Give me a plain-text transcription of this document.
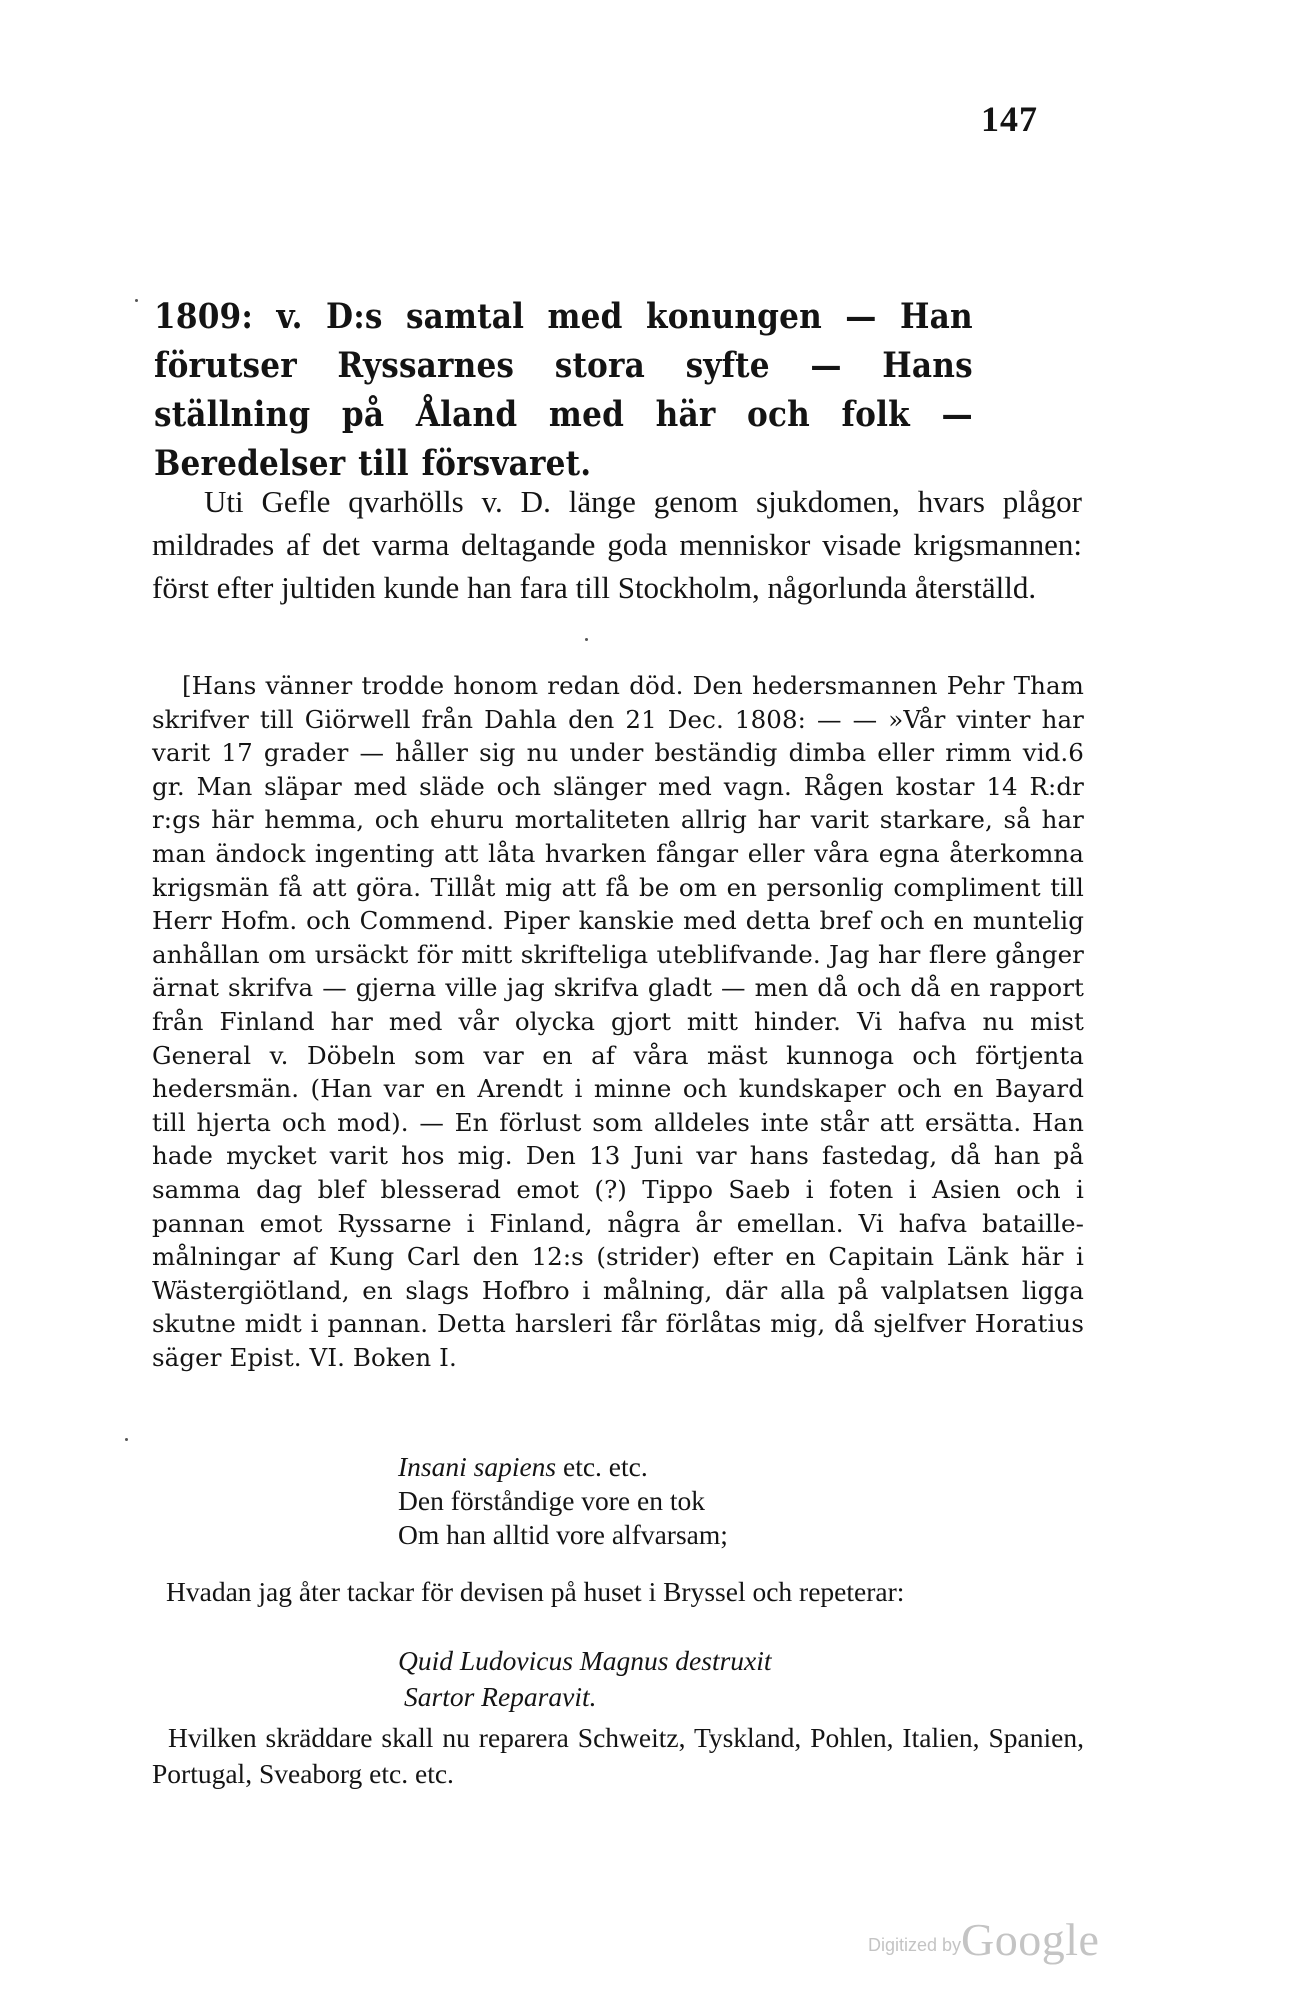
147
1809: v. D:s samtal med konungen — Han förutser Ryssarnes stora syfte — Hans ställning på Åland med här och folk — Beredelser till försvaret.

Uti Gefle qvarhölls v. D. länge genom sjukdomen, hvars plågor mildrades af det varma deltagande goda menniskor visade krigsmannen: först efter jultiden kunde han fara till Stockholm, någorlunda återställd.

[Hans vänner trodde honom redan död. Den hedersmannen Pehr Tham skrifver till Giörwell från Dahla den 21 Dec. 1808: — — »Vår vinter har varit 17 grader — håller sig nu under beständig dimba eller rimm vid.6 gr. Man släpar med släde och slänger med vagn. Rågen kostar 14 R:dr r:gs här hemma, och ehuru mortaliteten allrig har varit starkare, så har man ändock ingenting att låta hvarken fångar eller våra egna återkomna krigsmän få att göra. Tillåt mig att få be om en personlig compliment till Herr Hofm. och Commend. Piper kanskie med detta bref och en muntelig anhållan om ursäckt för mitt skrifteliga uteblifvande. Jag har flere gånger ärnat skrifva — gjerna ville jag skrifva gladt — men då och då en rapport från Finland har med vår olycka gjort mitt hinder. Vi hafva nu mist General v. Döbeln som var en af våra mäst kunnoga och förtjenta hedersmän. (Han var en Arendt i minne och kundskaper och en Bayard till hjerta och mod). — En förlust som alldeles inte står att ersätta. Han hade mycket varit hos mig. Den 13 Juni var hans fastedag, då han på samma dag blef blesserad emot (?) Tippo Saeb i foten i Asien och i pannan emot Ryssarne i Finland, några år emellan. Vi hafva bataille-målningar af Kung Carl den 12:s (strider) efter en Capitain Länk här i Wästergiötland, en slags Hofbro i målning, där alla på valplatsen ligga skutne midt i pannan. Detta harsleri får förlåtas mig, då sjelfver Horatius säger Epist. VI. Boken I.

Insani sapiens etc. etc.
Den förståndige vore en tok
Om han alltid vore alfvarsam;

Hvadan jag åter tackar för devisen på huset i Bryssel och repeterar:

Quid Ludovicus Magnus destruxit
Sartor Reparavit.

Hvilken skräddare skall nu reparera Schweitz, Tyskland, Pohlen, Italien, Spanien, Portugal, Sveaborg etc. etc.

Digitized byGoogle
